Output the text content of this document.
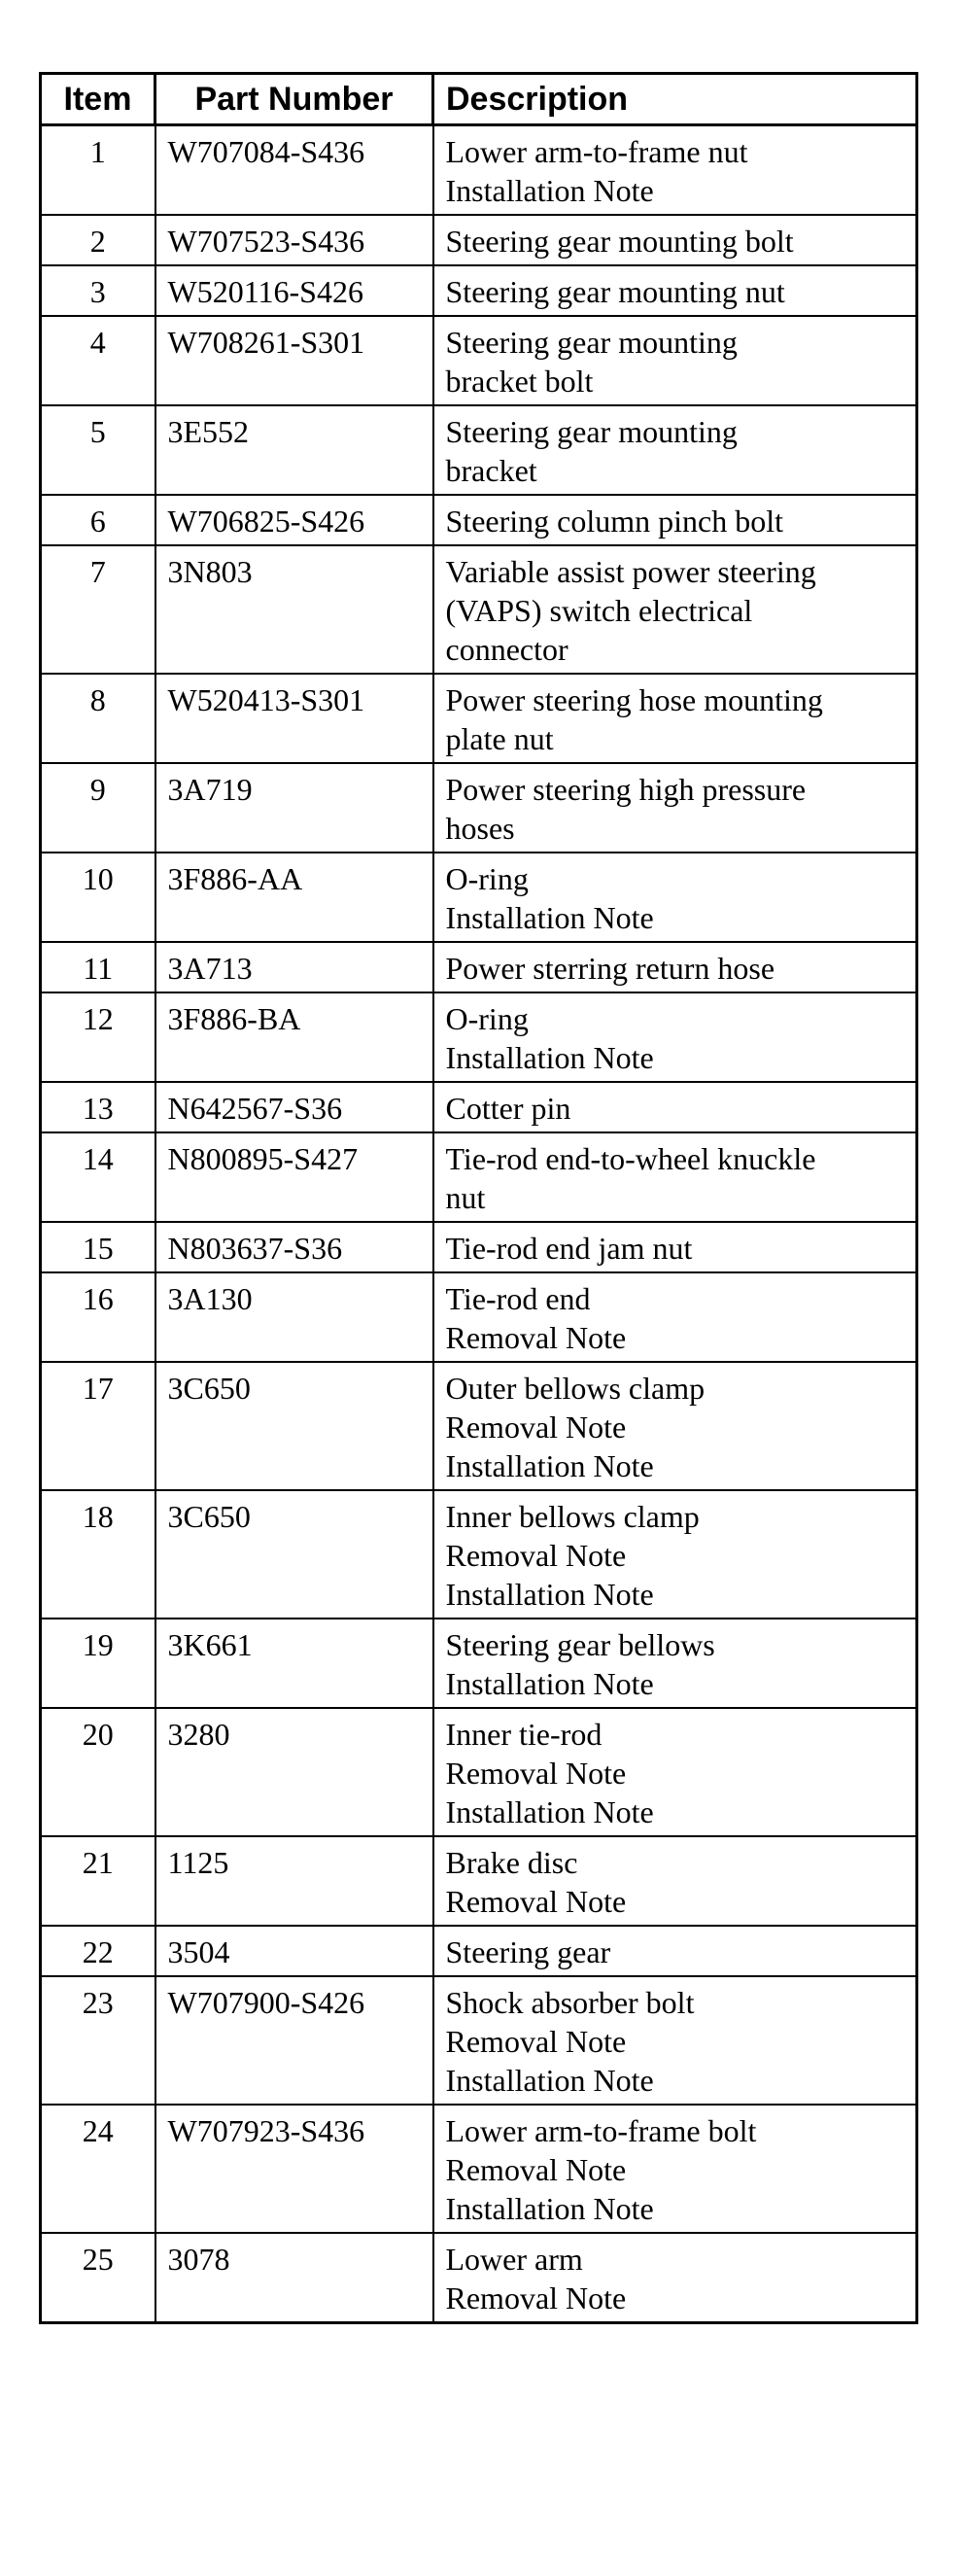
Item	Part Number	Description
1	W707084-S436	Lower arm-to-frame nut
Installation Note

2	W707523-S436	Steering gear mounting bolt

3	W520116-S426	Steering gear mounting nut

4	W708261-S301	Steering gear mounting
bracket bolt

5	3E552	Steering gear mounting
bracket

6	W706825-S426	Steering column pinch bolt

7	3N803	Variable assist power steering
(VAPS) switch electrical
connector

8	W520413-S301	Power steering hose mounting
plate nut

9	3A719	Power steering high pressure
hoses

10	3F886-AA	O-ring
Installation Note

11	3A713	Power sterring return hose

12	3F886-BA	O-ring
Installation Note

13	N642567-S36	Cotter pin

14	N800895-S427	Tie-rod end-to-wheel knuckle
nut

15	N803637-S36	Tie-rod end jam nut

16	3A130	Tie-rod end
Removal Note

17	3C650	Outer bellows clamp
Removal Note
Installation Note

18	3C650	Inner bellows clamp
Removal Note
Installation Note

19	3K661	Steering gear bellows
Installation Note

20	3280	Inner tie-rod
Removal Note
Installation Note

21	1125	Brake disc
Removal Note

22	3504	Steering gear

23	W707900-S426	Shock absorber bolt
Removal Note
Installation Note

24	W707923-S436	Lower arm-to-frame bolt
Removal Note
Installation Note

25	3078	Lower arm
Removal Note
